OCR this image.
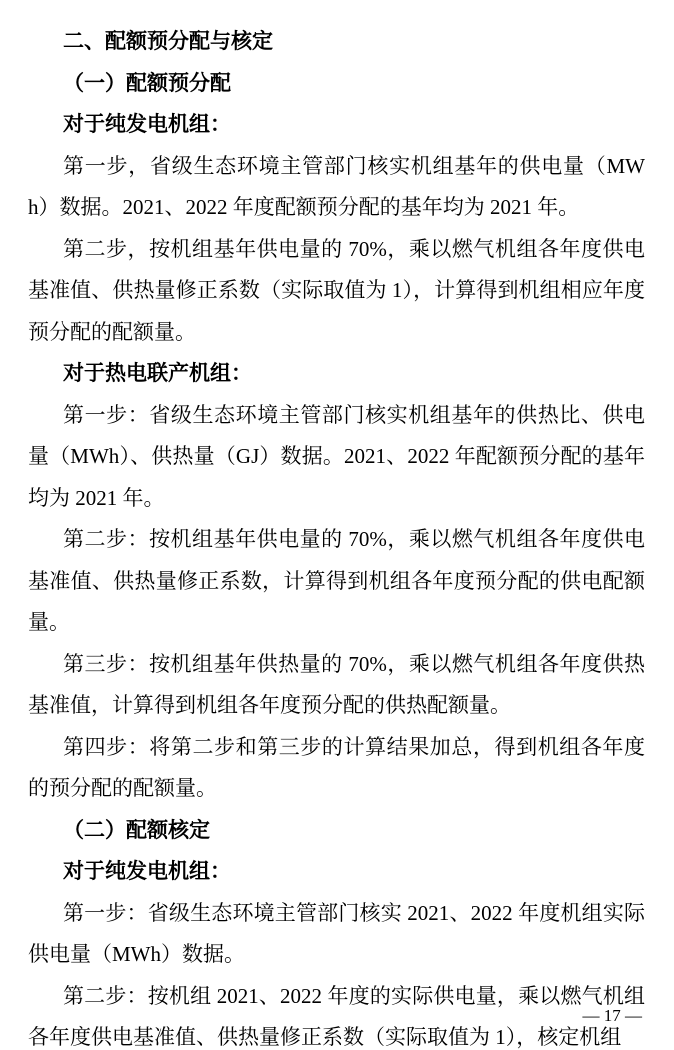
二、配额预分配与核定
（一）配额预分配
对于纯发电机组：
第一步，省级生态环境主管部门核实机组基年的供电量（MWh）数据。2021、2022 年度配额预分配的基年均为 2021 年。
第二步，按机组基年供电量的 70%，乘以燃气机组各年度供电基准值、供热量修正系数（实际取值为 1），计算得到机组相应年度预分配的配额量。
对于热电联产机组：
第一步：省级生态环境主管部门核实机组基年的供热比、供电量（MWh）、供热量（GJ）数据。2021、2022 年配额预分配的基年均为 2021 年。
第二步：按机组基年供电量的 70%，乘以燃气机组各年度供电基准值、供热量修正系数，计算得到机组各年度预分配的供电配额量。
第三步：按机组基年供热量的 70%，乘以燃气机组各年度供热基准值，计算得到机组各年度预分配的供热配额量。
第四步：将第二步和第三步的计算结果加总，得到机组各年度的预分配的配额量。
（二）配额核定
对于纯发电机组：
第一步：省级生态环境主管部门核实 2021、2022 年度机组实际供电量（MWh）数据。
第二步：按机组 2021、2022 年度的实际供电量，乘以燃气机组各年度供电基准值、供热量修正系数（实际取值为 1），核定机组
— 17 —
